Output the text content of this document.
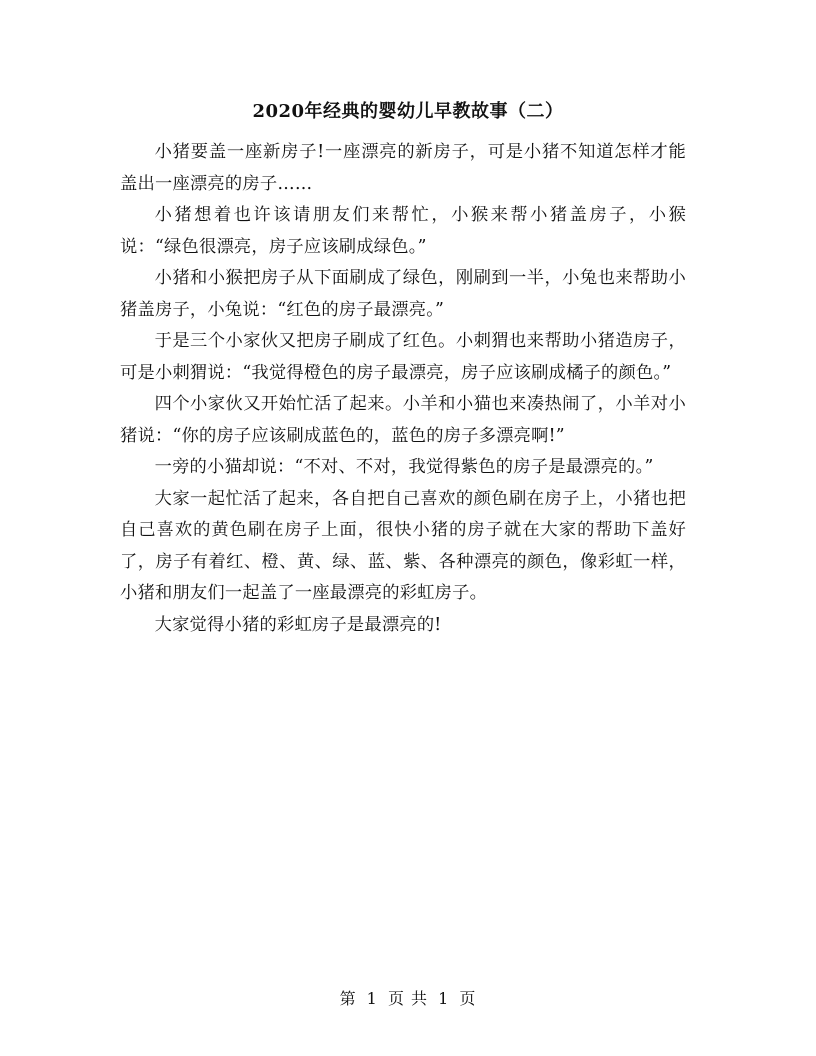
2020年经典的婴幼儿早教故事（二）

小猪要盖一座新房子!一座漂亮的新房子，可是小猪不知道怎样才能盖出一座漂亮的房子……

小猪想着也许该请朋友们来帮忙，小猴来帮小猪盖房子，小猴说：“绿色很漂亮，房子应该刷成绿色。”

小猪和小猴把房子从下面刷成了绿色，刚刷到一半，小兔也来帮助小猪盖房子，小兔说：“红色的房子最漂亮。”

于是三个小家伙又把房子刷成了红色。小刺猬也来帮助小猪造房子，可是小刺猬说：“我觉得橙色的房子最漂亮，房子应该刷成橘子的颜色。”

四个小家伙又开始忙活了起来。小羊和小猫也来凑热闹了，小羊对小猪说：“你的房子应该刷成蓝色的，蓝色的房子多漂亮啊!”

一旁的小猫却说：“不对、不对，我觉得紫色的房子是最漂亮的。”

大家一起忙活了起来，各自把自己喜欢的颜色刷在房子上，小猪也把自己喜欢的黄色刷在房子上面，很快小猪的房子就在大家的帮助下盖好了，房子有着红、橙、黄、绿、蓝、紫、各种漂亮的颜色，像彩虹一样，小猪和朋友们一起盖了一座最漂亮的彩虹房子。

大家觉得小猪的彩虹房子是最漂亮的!

第 1 页 共 1 页
